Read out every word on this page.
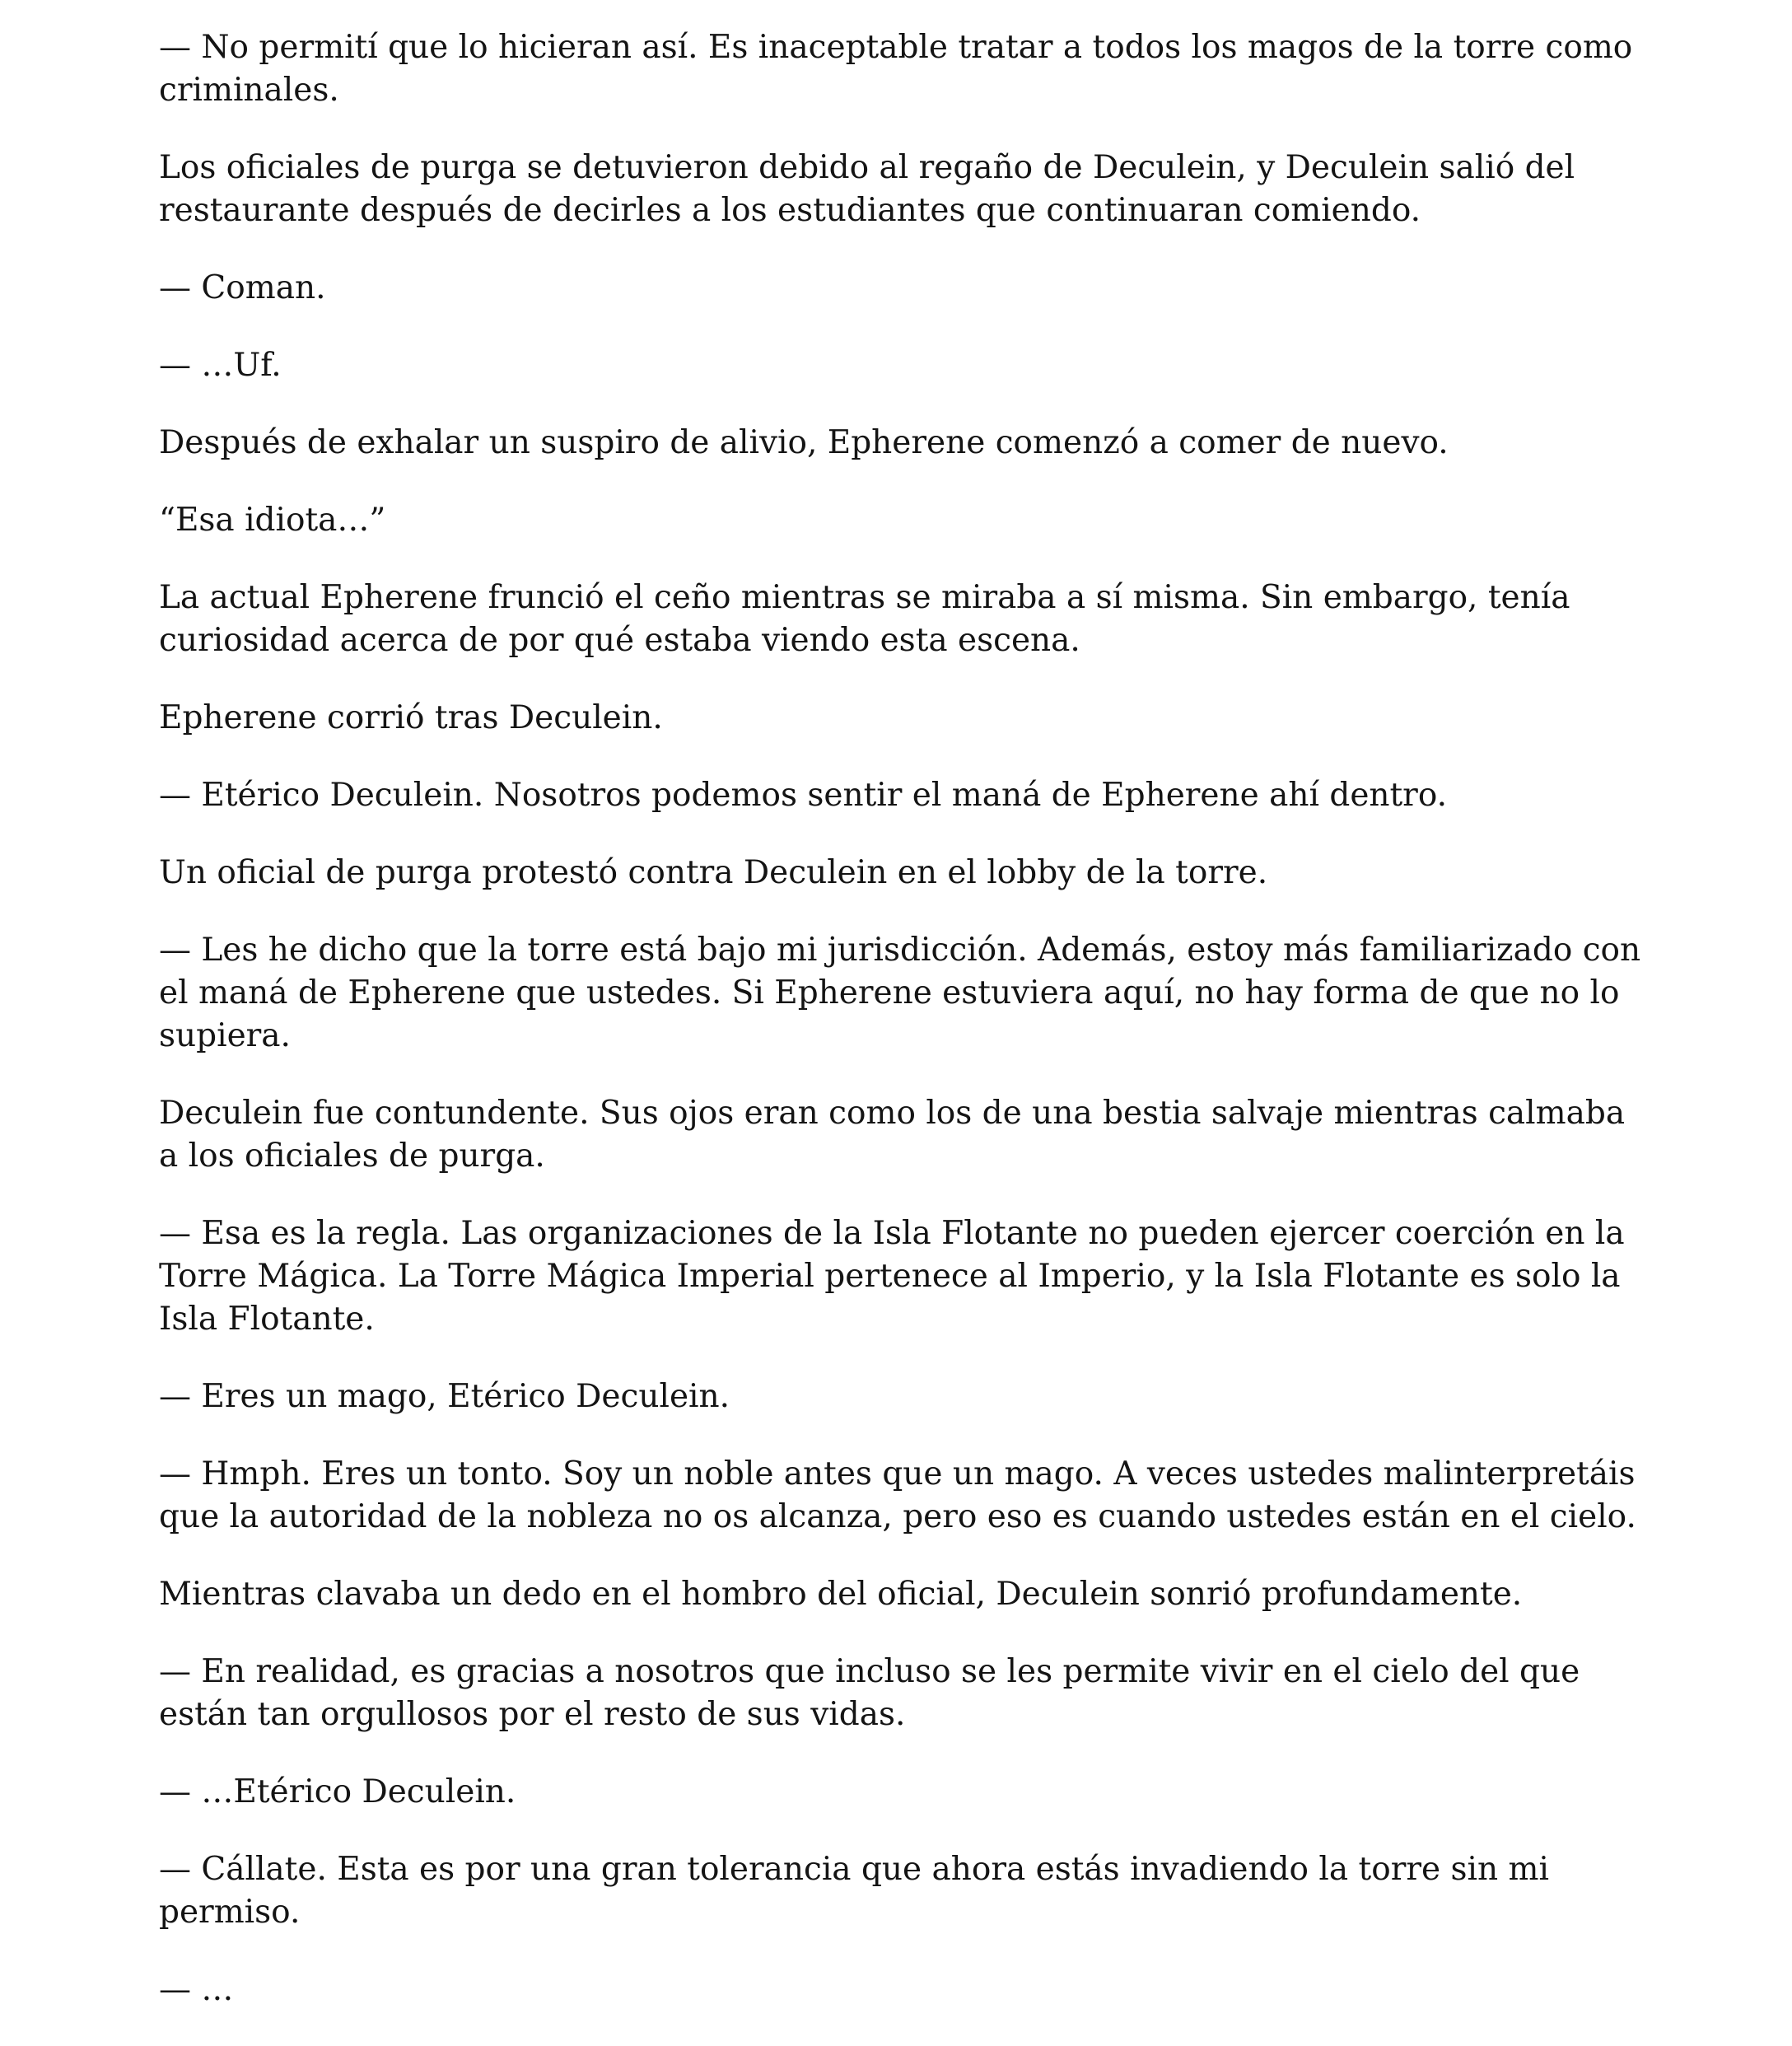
— No permití que lo hicieran así. Es inaceptable tratar a todos los magos de la torre como criminales.

Los oficiales de purga se detuvieron debido al regaño de Deculein, y Deculein salió del restaurante después de decirles a los estudiantes que continuaran comiendo.

— Coman.

— …Uf.

Después de exhalar un suspiro de alivio, Epherene comenzó a comer de nuevo.

“Esa idiota…”

La actual Epherene frunció el ceño mientras se miraba a sí misma. Sin embargo, tenía curiosidad acerca de por qué estaba viendo esta escena.

Epherene corrió tras Deculein.

— Etérico Deculein. Nosotros podemos sentir el maná de Epherene ahí dentro.

Un oficial de purga protestó contra Deculein en el lobby de la torre.

— Les he dicho que la torre está bajo mi jurisdicción. Además, estoy más familiarizado con el maná de Epherene que ustedes. Si Epherene estuviera aquí, no hay forma de que no lo supiera.

Deculein fue contundente. Sus ojos eran como los de una bestia salvaje mientras calmaba a los oficiales de purga.

— Esa es la regla. Las organizaciones de la Isla Flotante no pueden ejercer coerción en la Torre Mágica. La Torre Mágica Imperial pertenece al Imperio, y la Isla Flotante es solo la Isla Flotante.

— Eres un mago, Etérico Deculein.

— Hmph. Eres un tonto. Soy un noble antes que un mago. A veces ustedes malinterpretáis que la autoridad de la nobleza no os alcanza, pero eso es cuando ustedes están en el cielo.

Mientras clavaba un dedo en el hombro del oficial, Deculein sonrió profundamente.

— En realidad, es gracias a nosotros que incluso se les permite vivir en el cielo del que están tan orgullosos por el resto de sus vidas.

— …Etérico Deculein.

— Cállate. Esta es por una gran tolerancia que ahora estás invadiendo la torre sin mi permiso.

— …
